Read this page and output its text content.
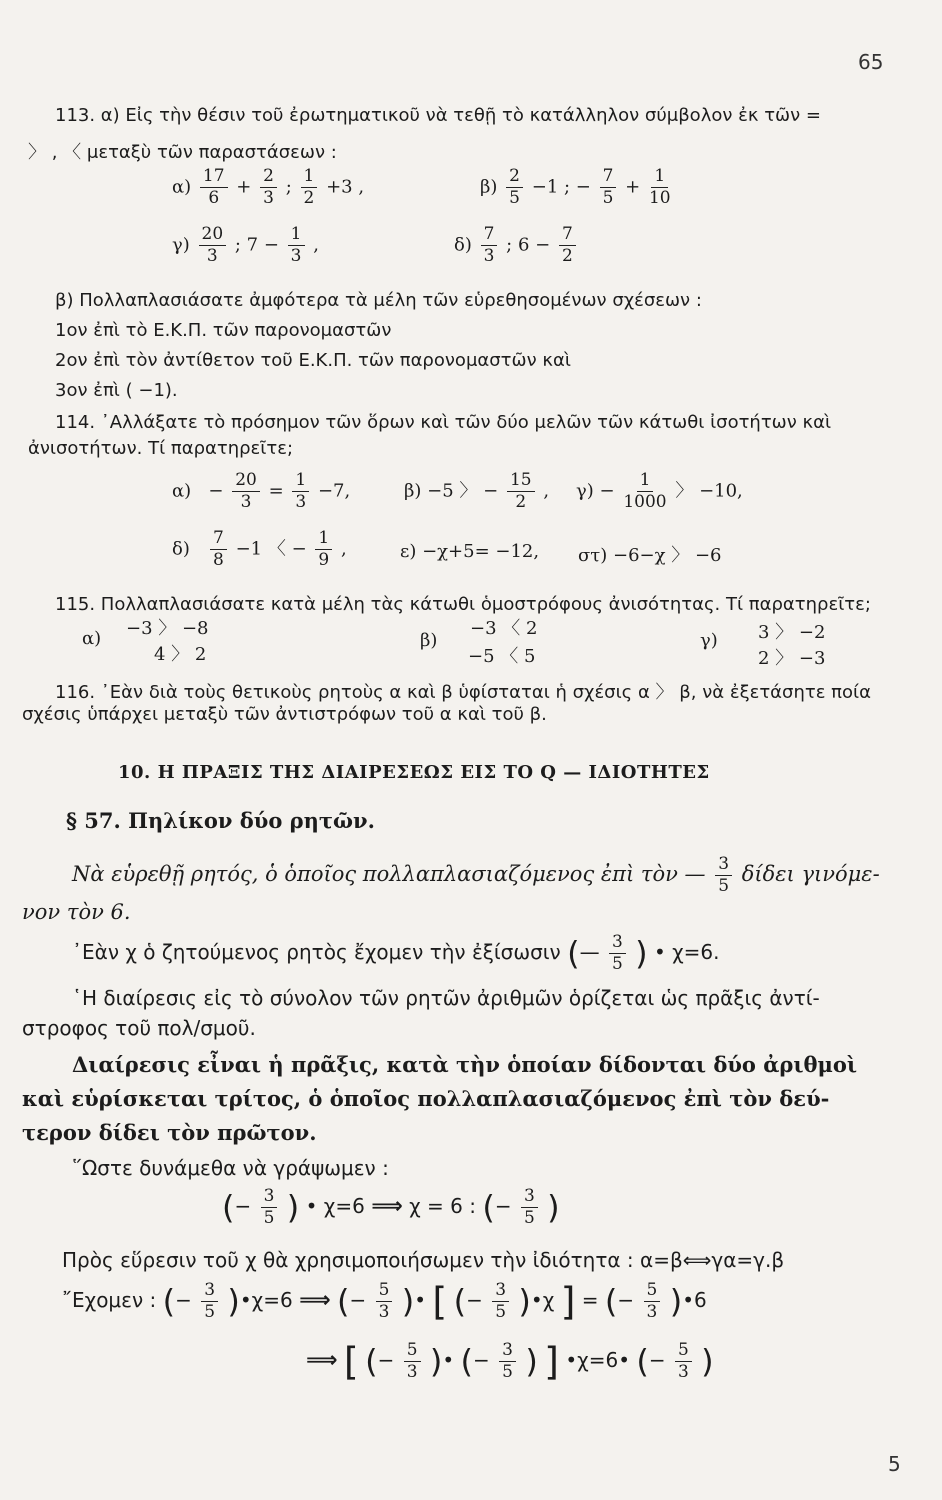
65
113. α) Εἰς τὴν θέσιν τοῦ ἐρωτηματικοῦ νὰ τεθῇ τὸ κατάλληλον σύμβολον ἐκ τῶν =
〉 , 〈 μεταξὺ τῶν παραστάσεων :
$\alpha) \frac{17}{6} + \frac{2}{3}$ ; $\frac{1}{2} +3$ ,	$\beta) \frac{2}{5} -1$ ; − $\frac{7}{5} + \frac{1}{10}$
$\gamma) \frac{20}{3}$ ; $7 - \frac{1}{3}$ ,	$\delta) \frac{7}{3}$ ; $6 - \frac{7}{2}$
β) Πολλαπλασιάσατε ἀμφότερα τὰ μέλη τῶν εὑρεθησομένων σχέσεων :
1ον ἐπὶ τὸ Ε.Κ.Π. τῶν παρονομαστῶν
2ον ἐπὶ τὸν ἀντίθετον τοῦ Ε.Κ.Π. τῶν παρονομαστῶν καὶ
3ον ἐπὶ ( −1).
114. ᾿Αλλάξατε τὸ πρόσημον τῶν ὅρων καὶ τῶν δύο μελῶν τῶν κάτωθι ἰσοτήτων καὶ
ἀνισοτήτων. Τί παρατηρεῖτε;
$\alpha) - \frac{20}{3} = \frac{1}{3} -7$,	β) −5 〉 − $\frac{15}{2}$ , $\gamma) - \frac{1}{1000}$ 〉 −10,
$\delta) \frac{7}{8} -1$ 〈 − $\frac{1}{9}$ ,	ε) −χ+5= −12, στ) −6−χ 〉 −6
115. Πολλαπλασιάσατε κατὰ μέλη τὰς κάτωθι ὁμοστρόφους ἀνισότητας. Τί παρατηρεῖτε;
α) −3 〉 −8
4 〉 2
β)
−3 〈 2
−5 〈 5
γ) 3 〉 −2
2 〉 −3
116. ᾿Εὰν διὰ τοὺς θετικοὺς ρητοὺς α καὶ β ὑφίσταται ἡ σχέσις α 〉 β, νὰ ἐξετάσητε ποία
σχέσις ὑπάρχει μεταξὺ τῶν ἀντιστρόφων τοῦ α καὶ τοῦ β.
10. Η ΠΡΑΞΙΣ ΤΗΣ ΔΙΑΙΡΕΣΕΩΣ ΕΙΣ ΤΟ Q — ΙΔΙΟΤΗΤΕΣ
§ 57. Πηλίκον δύο ρητῶν.
Νὰ εὑρεθῇ ρητός, ὁ ὁποῖος πολλαπλασιαζόμενος ἐπὶ τὸν — $\frac{3}{5}$ δίδει γινόμε-
νον τὸν 6.
᾿Εὰν χ ὁ ζητούμενος ρητὸς ἔχομεν τὴν ἐξίσωσιν (— $\frac{3}{5}$ ) • χ=6.
῾Η διαίρεσις εἰς τὸ σύνολον τῶν ρητῶν ἀριθμῶν ὁρίζεται ὡς πρᾶξις ἀντί-
στροφος τοῦ πολ/σμοῦ.
Διαίρεσις εἶναι ἡ πρᾶξις, κατὰ τὴν ὁποίαν δίδονται δύο ἀριθμοὶ
καὶ εὑρίσκεται τρίτος, ὁ ὁποῖος πολλαπλασιαζόμενος ἐπὶ τὸν δεύ-
τερον δίδει τὸν πρῶτον.
῞Ωστε δυνάμεθα νὰ γράψωμεν :
(− $\frac{3}{5}$ ) • χ=6 ⟹ χ = 6 : (− $\frac{3}{5}$ )
Πρὸς εὕρεσιν τοῦ χ θὰ χρησιμοποιήσωμεν τὴν ἰδιότητα : α=β⟺γα=γ.β
῎Εχομεν : (− $\frac{3}{5}$ )•χ=6 ⟹ (− $\frac{5}{3}$ )• [ (− $\frac{3}{5}$ )•χ ] = (− $\frac{5}{3}$ )•6
⟹ [ (− $\frac{5}{3}$ )• (− $\frac{3}{5}$ ) ] •χ=6• (− $\frac{5}{3}$ )
5
